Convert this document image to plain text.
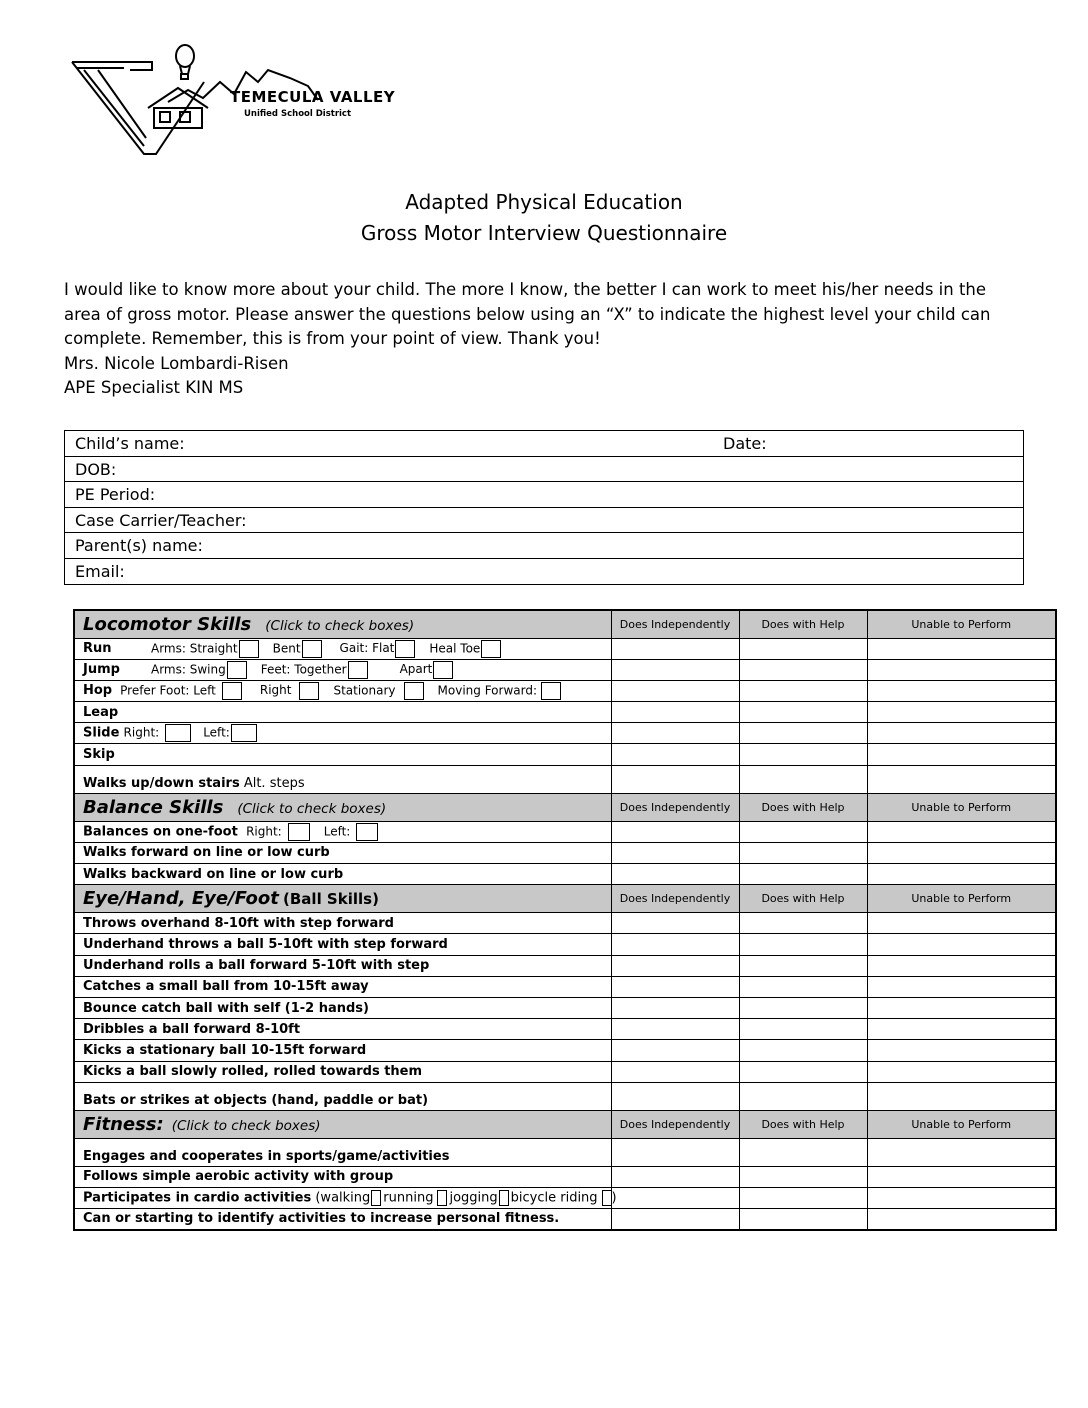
TEMECULA VALLEY
Unified School District
Adapted Physical Education
Gross Motor Interview Questionnaire
I would like to know more about your child. The more I know, the better I can work to meet his/her needs in the
area of gross motor. Please answer the questions below using an “X” to indicate the highest level your child can
complete. Remember, this is from your point of view. Thank you!
Mrs. Nicole Lombardi-Risen
APE Specialist KIN MS
Child’s name:	Date:
DOB:
PE Period:
Case Carrier/Teacher:
Parent(s) name:
Email:
Locomotor Skills (Click to check boxes)	Does Independently	Does with Help	Unable to Perform
Run Arms: Straight Bent Gait: Flat Heal Toe			
Jump Arms: Swing Feet: Together Apart			
Hop Prefer Foot: Left Right Stationary Moving Forward:			
Leap			
Slide Right: Left:			
Skip			
Walks up/down stairs Alt. steps			
Balance Skills (Click to check boxes)	Does Independently	Does with Help	Unable to Perform
Balances on one-foot Right: Left:			
Walks forward on line or low curb			
Walks backward on line or low curb			
Eye/Hand, Eye/Foot (Ball Skills)	Does Independently	Does with Help	Unable to Perform
Throws overhand 8-10ft with step forward			
Underhand throws a ball 5-10ft with step forward			
Underhand rolls a ball forward 5-10ft with step			
Catches a small ball from 10-15ft away			
Bounce catch ball with self (1-2 hands)			
Dribbles a ball forward 8-10ft			
Kicks a stationary ball 10-15ft forward			
Kicks a ball slowly rolled, rolled towards them			
Bats or strikes at objects (hand, paddle or bat)			
Fitness: (Click to check boxes)	Does Independently	Does with Help	Unable to Perform
Engages and cooperates in sports/game/activities			
Follows simple aerobic activity with group			
Participates in cardio activities (walking running jogging bicycle riding )			
Can or starting to identify activities to increase personal fitness.			
